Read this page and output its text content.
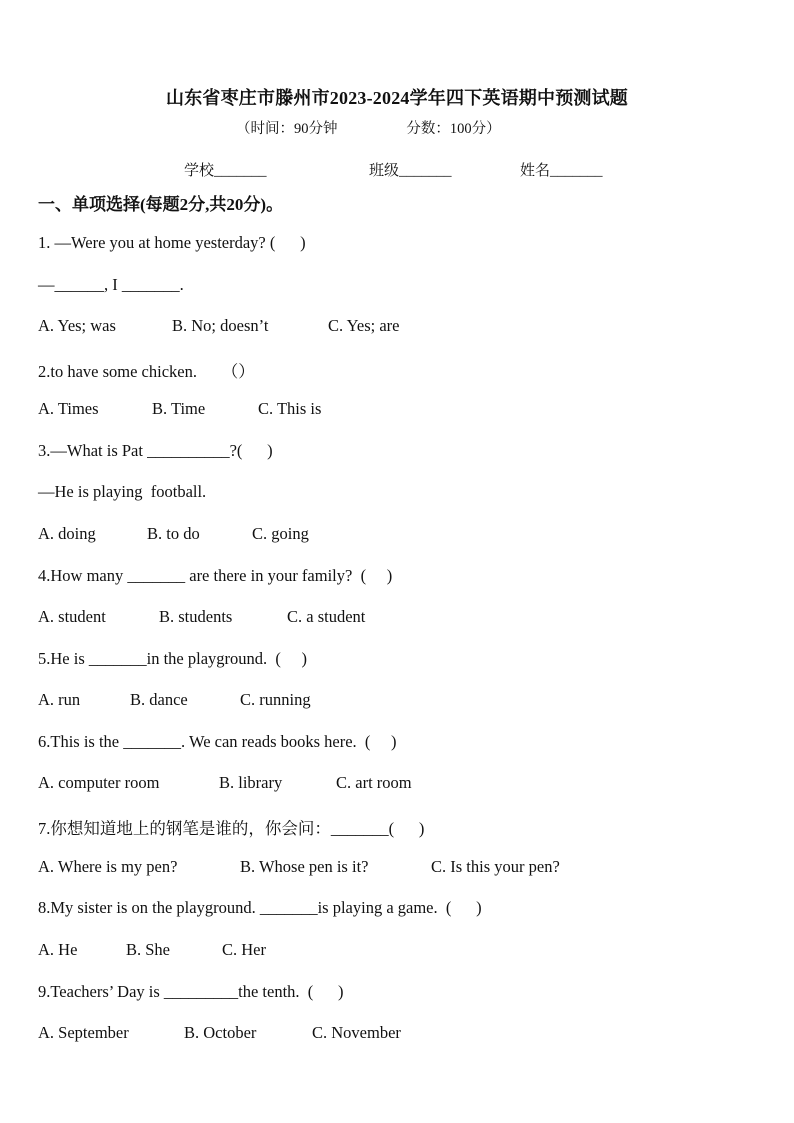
山东省枣庄市滕州市2023-2024学年四下英语期中预测试题
（时间：90分钟                   分数：100分）
学校_______	班级_______	姓名_______
一、单项选择(每题2分,共20分)。
1. —Were you at home yesterday? (      )
—______, I _______.
A. Yes; was	B. No; doesn’t	C. Yes; are
2.to have some chicken.      （）
A. Times	B. Time	C. This is
3.—What is Pat __________?(      )
—He is playing  football.
A. doing	B. to do	C. going
4.How many _______ are there in your family?  (     )
A. student	B. students	C. a student
5.He is _______in the playground.  (     )
A. run	B. dance	C. running
6.This is the _______. We can reads books here.  (     )
A. computer room	B. library	C. art room
7.你想知道地上的钢笔是谁的，你会问：_______(      )
A. Where is my pen?	B. Whose pen is it?	C. Is this your pen?
8.My sister is on the playground. _______is playing a game.  (      )
A. He	B. She	C. Her
9.Teachers’ Day is _________the tenth.  (      )
A. September	B. October	C. November
